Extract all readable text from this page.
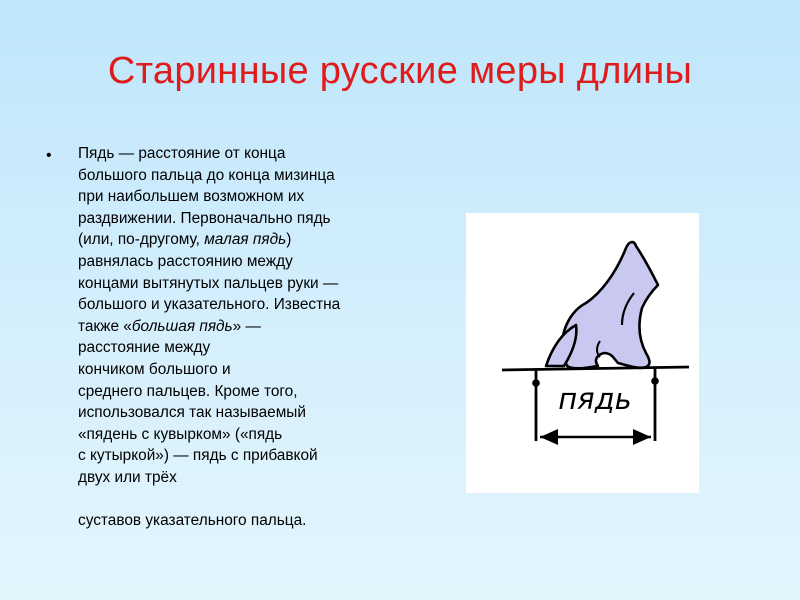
Старинные русские меры длины
• Пядь — расстояние от конца
большого пальца до конца мизинца
при наибольшем возможном их
раздвижении. Первоначально пядь
(или, по-другому, малая пядь)
равнялась расстоянию между
концами вытянутых пальцев руки —
большого и указательного. Известна
также «большая пядь» —
расстояние между
кончиком большого и
среднего пальцев. Кроме того,
использовался так называемый
«пядень с кувырком» («пядь
с кутыркой») — пядь с прибавкой
двух или трёх
суставов указательного пальца.
пядь
